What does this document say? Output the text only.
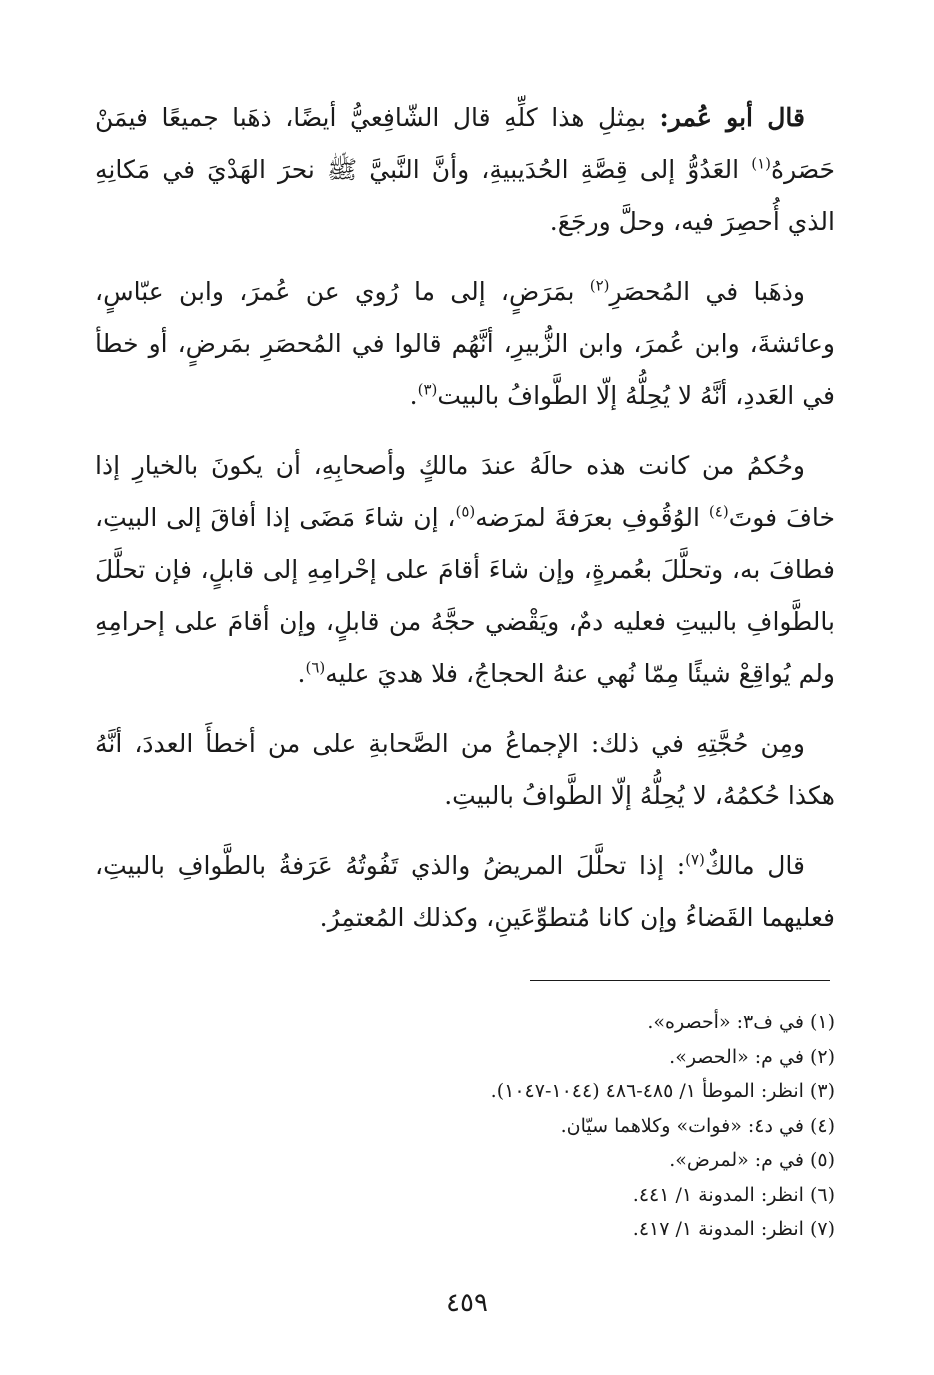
قال أبو عُمر: بمِثلِ هذا كلِّهِ قال الشّافِعيُّ أيضًا، ذهَبا جميعًا فيمَنْ حَصَرهُ$^{(١)}$ العَدُوُّ إلى قِصَّةِ الحُدَيبيةِ، وأنَّ النَّبيَّ ﷺ نحرَ الهَدْيَ في مَكانِهِ الذي أُحصِرَ فيه، وحلَّ ورجَعَ.

وذهَبا في المُحصَرِ$^{(٢)}$ بمَرَضٍ، إلى ما رُوي عن عُمرَ، وابن عبّاسٍ، وعائشةَ، وابن عُمرَ، وابن الزُّبيرِ، أنَّهُم قالوا في المُحصَرِ بمَرضٍ، أو خطأ في العَددِ، أنَّهُ لا يُحِلُّهُ إلّا الطَّوافُ بالبيت$^{(٣)}$.

وحُكمُ من كانت هذه حالَهُ عندَ مالكٍ وأصحابِهِ، أن يكونَ بالخيارِ إذا خافَ فوتَ$^{(٤)}$ الوُقُوفِ بعرَفةَ لمرَضه$^{(٥)}$، إن شاءَ مَضَى إذا أفاقَ إلى البيتِ، فطافَ به، وتحلَّلَ بعُمرةٍ، وإن شاءَ أقامَ على إحْرامِهِ إلى قابلٍ، فإن تحلَّلَ بالطَّوافِ بالبيتِ فعليه دمٌ، ويَقْضي حجَّهُ من قابلٍ، وإن أقامَ على إحرامِهِ ولم يُواقِعْ شيئًا مِمّا نُهي عنهُ الحجاجُ، فلا هديَ عليه$^{(٦)}$.

ومِن حُجَّتِهِ في ذلك: الإجماعُ من الصَّحابةِ على من أخطأَ العددَ، أنَّهُ هكذا حُكمُهُ، لا يُحِلُّهُ إلّا الطَّوافُ بالبيتِ.

قال مالكٌ$^{(٧)}$: إذا تحلَّلَ المريضُ والذي تَفُوتُهُ عَرَفةُ بالطَّوافِ بالبيتِ، فعليهما القَضاءُ وإن كانا مُتطوِّعَينِ، وكذلك المُعتمِرُ.

(١) في ف٣: «أحصره».

(٢) في م: «الحصر».

(٣) انظر: الموطأ ١/ ٤٨٥-٤٨٦ (١٠٤٤-١٠٤٧).

(٤) في د٤: «فوات» وكلاهما سيّان.

(٥) في م: «لمرض».

(٦) انظر: المدونة ١/ ٤٤١.

(٧) انظر: المدونة ١/ ٤١٧.

٤٥٩
